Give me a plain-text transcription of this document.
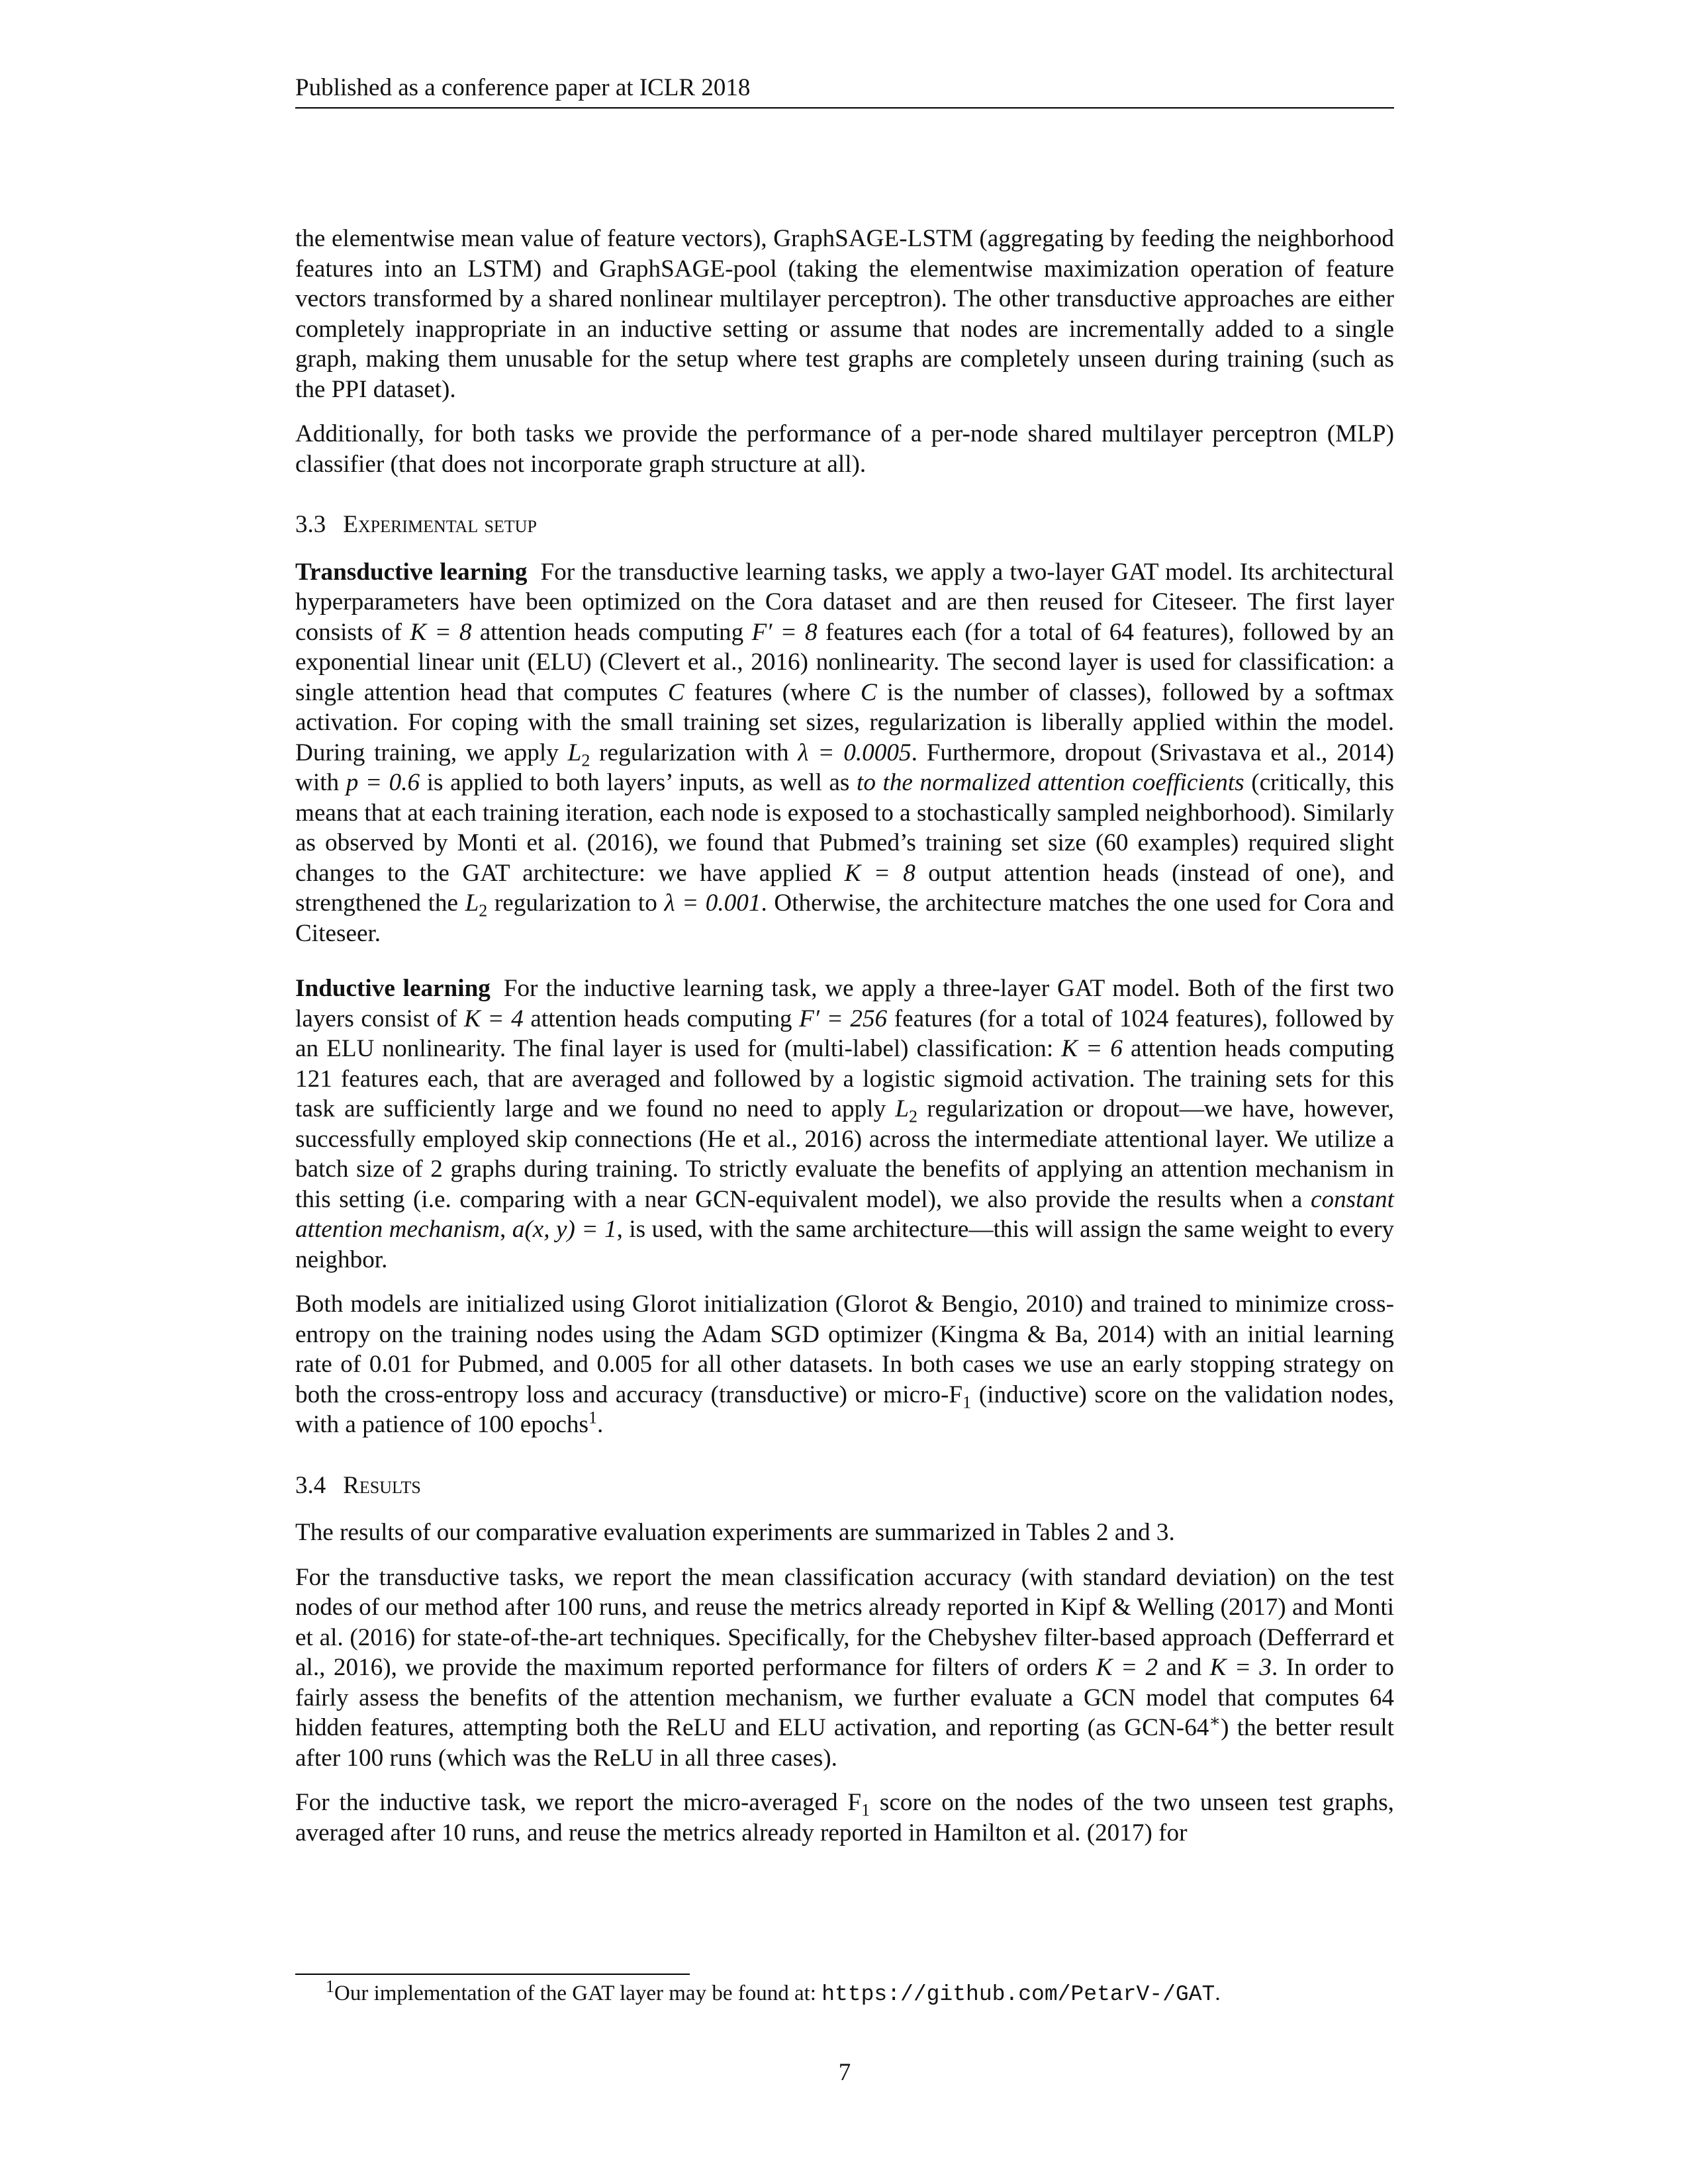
Published as a conference paper at ICLR 2018

the elementwise mean value of feature vectors), GraphSAGE-LSTM (aggregating by feeding the neighborhood features into an LSTM) and GraphSAGE-pool (taking the elementwise maximization operation of feature vectors transformed by a shared nonlinear multilayer perceptron). The other transductive approaches are either completely inappropriate in an inductive setting or assume that nodes are incrementally added to a single graph, making them unusable for the setup where test graphs are completely unseen during training (such as the PPI dataset).

Additionally, for both tasks we provide the performance of a per-node shared multilayer perceptron (MLP) classifier (that does not incorporate graph structure at all).

3.3 Experimental setup

Transductive learning For the transductive learning tasks, we apply a two-layer GAT model. Its architectural hyperparameters have been optimized on the Cora dataset and are then reused for Citeseer. The first layer consists of K = 8 attention heads computing F′ = 8 features each (for a total of 64 features), followed by an exponential linear unit (ELU) (Clevert et al., 2016) nonlinearity. The second layer is used for classification: a single attention head that computes C features (where C is the number of classes), followed by a softmax activation. For coping with the small training set sizes, regularization is liberally applied within the model. During training, we apply $L_2$ regularization with λ = 0.0005. Furthermore, dropout (Srivastava et al., 2014) with p = 0.6 is applied to both layers’ inputs, as well as to the normalized attention coefficients (critically, this means that at each training iteration, each node is exposed to a stochastically sampled neighborhood). Similarly as observed by Monti et al. (2016), we found that Pubmed’s training set size (60 examples) required slight changes to the GAT architecture: we have applied K = 8 output attention heads (instead of one), and strengthened the $L_2$ regularization to λ = 0.001. Otherwise, the architecture matches the one used for Cora and Citeseer.

Inductive learning For the inductive learning task, we apply a three-layer GAT model. Both of the first two layers consist of K = 4 attention heads computing F′ = 256 features (for a total of 1024 features), followed by an ELU nonlinearity. The final layer is used for (multi-label) classification: K = 6 attention heads computing 121 features each, that are averaged and followed by a logistic sigmoid activation. The training sets for this task are sufficiently large and we found no need to apply $L_2$ regularization or dropout—we have, however, successfully employed skip connections (He et al., 2016) across the intermediate attentional layer. We utilize a batch size of 2 graphs during training. To strictly evaluate the benefits of applying an attention mechanism in this setting (i.e. comparing with a near GCN-equivalent model), we also provide the results when a constant attention mechanism, a(x, y) = 1, is used, with the same architecture—this will assign the same weight to every neighbor.

Both models are initialized using Glorot initialization (Glorot & Bengio, 2010) and trained to minimize cross-entropy on the training nodes using the Adam SGD optimizer (Kingma & Ba, 2014) with an initial learning rate of 0.01 for Pubmed, and 0.005 for all other datasets. In both cases we use an early stopping strategy on both the cross-entropy loss and accuracy (transductive) or micro-$F_1$ (inductive) score on the validation nodes, with a patience of 100 epochs$^1$.

3.4 Results

The results of our comparative evaluation experiments are summarized in Tables 2 and 3.

For the transductive tasks, we report the mean classification accuracy (with standard deviation) on the test nodes of our method after 100 runs, and reuse the metrics already reported in Kipf & Welling (2017) and Monti et al. (2016) for state-of-the-art techniques. Specifically, for the Chebyshev filter-based approach (Defferrard et al., 2016), we provide the maximum reported performance for filters of orders K = 2 and K = 3. In order to fairly assess the benefits of the attention mechanism, we further evaluate a GCN model that computes 64 hidden features, attempting both the ReLU and ELU activation, and reporting (as GCN-64∗) the better result after 100 runs (which was the ReLU in all three cases).

For the inductive task, we report the micro-averaged $F_1$ score on the nodes of the two unseen test graphs, averaged after 10 runs, and reuse the metrics already reported in Hamilton et al. (2017) for

$^1$Our implementation of the GAT layer may be found at: https://github.com/PetarV-/GAT.
7
